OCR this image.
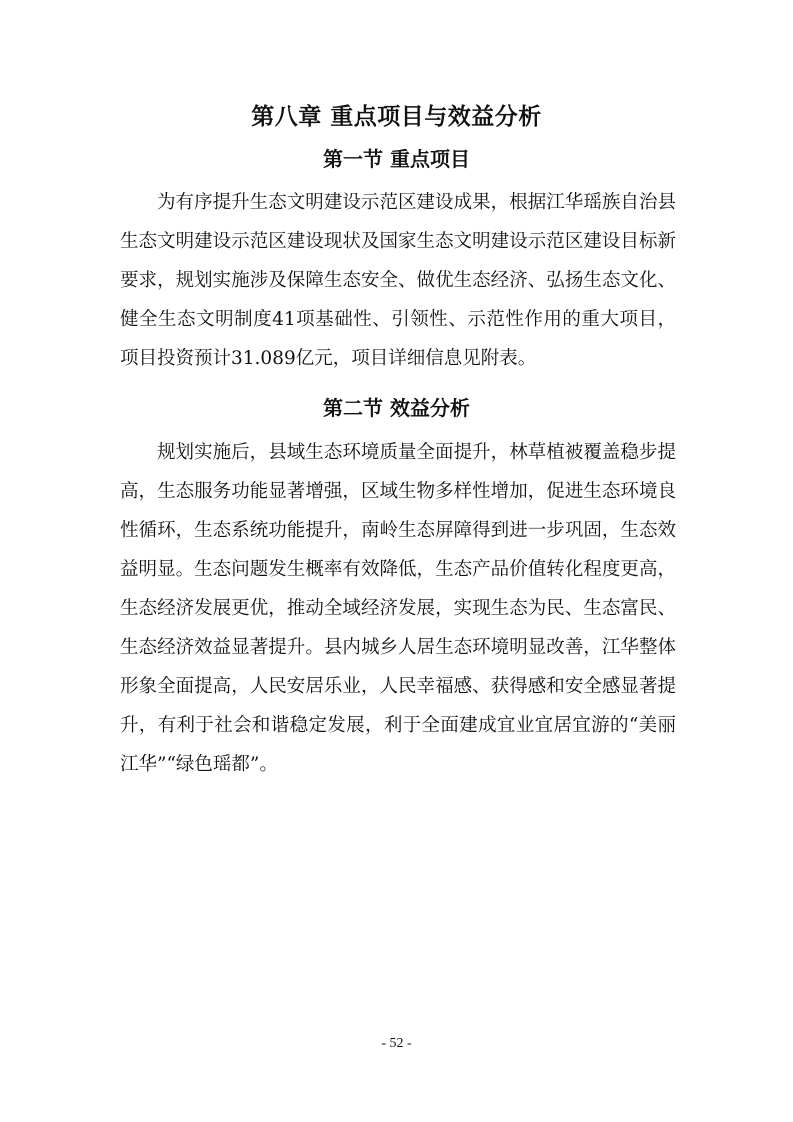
第八章 重点项目与效益分析
第一节 重点项目

为有序提升生态文明建设示范区建设成果，根据江华瑶族自治县生态文明建设示范区建设现状及国家生态文明建设示范区建设目标新要求，规划实施涉及保障生态安全、做优生态经济、弘扬生态文化、健全生态文明制度41项基础性、引领性、示范性作用的重大项目，项目投资预计31.089亿元，项目详细信息见附表。

第二节 效益分析

规划实施后，县域生态环境质量全面提升，林草植被覆盖稳步提高，生态服务功能显著增强，区域生物多样性增加，促进生态环境良性循环，生态系统功能提升，南岭生态屏障得到进一步巩固，生态效益明显。生态问题发生概率有效降低，生态产品价值转化程度更高，生态经济发展更优，推动全域经济发展，实现生态为民、生态富民、生态经济效益显著提升。县内城乡人居生态环境明显改善，江华整体形象全面提高，人民安居乐业，人民幸福感、获得感和安全感显著提升，有利于社会和谐稳定发展，利于全面建成宜业宜居宜游的“美丽江华”“绿色瑶都”。

- 52 -
